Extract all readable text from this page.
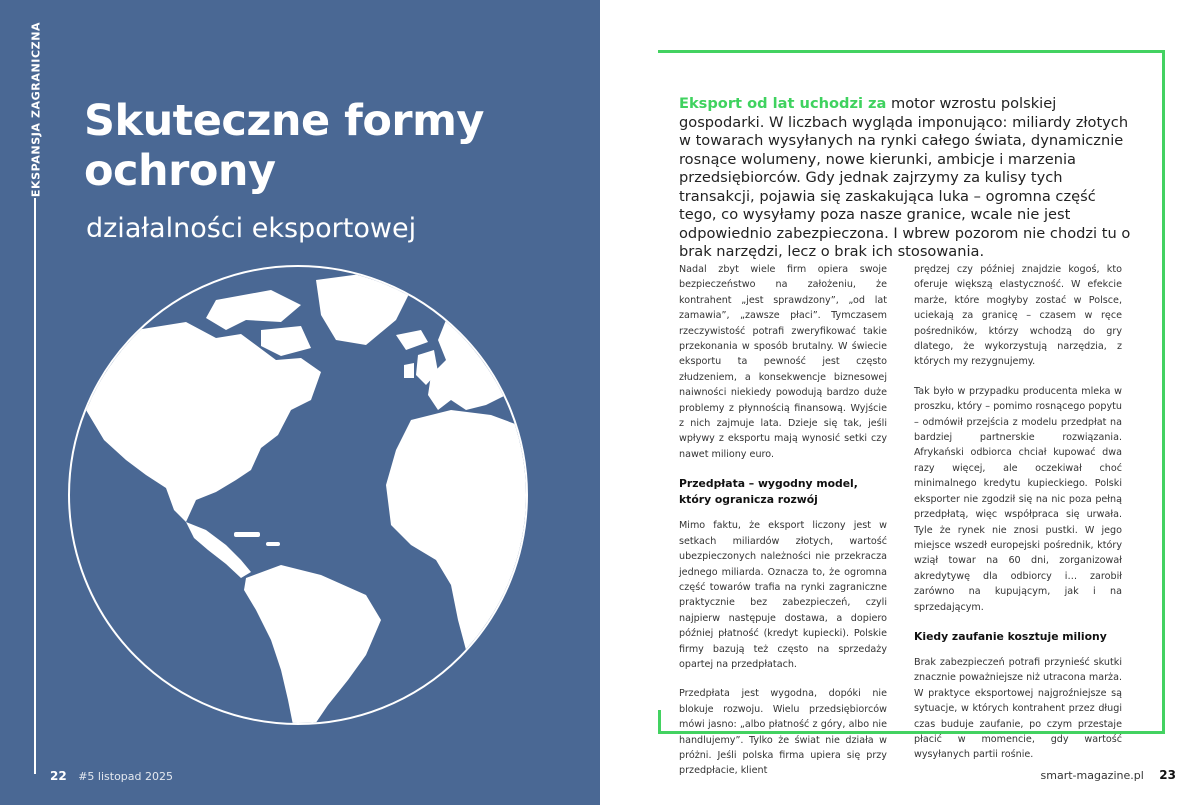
EKSPANSJA ZAGRANICZNA Skuteczne formy
ochrony
działalności eksportowej
22 #5 listopad 2025

Eksport od lat uchodzi za motor wzrostu polskiej gospodarki. W liczbach wygląda imponująco: miliardy złotych w towarach wysyłanych na rynki całego świata, dynamicznie rosnące wolumeny, nowe kierunki, ambicje i marzenia przedsiębiorców. Gdy jednak zajrzymy za kulisy tych transakcji, pojawia się zaskakująca luka – ogromna część tego, co wysyłamy poza nasze granice, wcale nie jest odpowiednio zabezpieczona. I wbrew pozorom nie chodzi tu o brak narzędzi, lecz o brak ich stosowania.

Nadal zbyt wiele firm opiera swoje bezpieczeństwo na założeniu, że kontrahent „jest sprawdzony”, „od lat zamawia”, „zawsze płaci”. Tymczasem rzeczywistość potrafi zweryfikować takie przekonania w sposób brutalny. W świecie eksportu ta pewność jest często złudzeniem, a konsekwencje biznesowej naiwności niekiedy powodują bardzo duże problemy z płynnością finansową. Wyjście z nich zajmuje lata. Dzieje się tak, jeśli wpływy z eksportu mają wynosić setki czy nawet miliony euro.

Przedpłata – wygodny model, który ogranicza rozwój

Mimo faktu, że eksport liczony jest w setkach miliardów złotych, wartość ubezpieczonych należności nie przekracza jednego miliarda. Oznacza to, że ogromna część towarów trafia na rynki zagraniczne praktycznie bez zabezpieczeń, czyli najpierw następuje dostawa, a dopiero później płatność (kredyt kupiecki). Polskie firmy bazują też często na sprzedaży opartej na przedpłatach.

Przedpłata jest wygodna, dopóki nie blokuje rozwoju. Wielu przedsiębiorców mówi jasno: „albo płatność z góry, albo nie handlujemy”. Tylko że świat nie działa w próżni. Jeśli polska firma upiera się przy przedpłacie, klient

prędzej czy później znajdzie kogoś, kto oferuje większą elastyczność. W efekcie marże, które mogłyby zostać w Polsce, uciekają za granicę – czasem w ręce pośredników, którzy wchodzą do gry dlatego, że wykorzystują narzędzia, z których my rezygnujemy.

Tak było w przypadku producenta mleka w proszku, który – pomimo rosnącego popytu – odmówił przejścia z modelu przedpłat na bardziej partnerskie rozwiązania. Afrykański odbiorca chciał kupować dwa razy więcej, ale oczekiwał choć minimalnego kredytu kupieckiego. Polski eksporter nie zgodził się na nic poza pełną przedpłatą, więc współpraca się urwała. Tyle że rynek nie znosi pustki. W jego miejsce wszedł europejski pośrednik, który wziął towar na 60 dni, zorganizował akredytywę dla odbiorcy i… zarobił zarówno na kupującym, jak i na sprzedającym.

Kiedy zaufanie kosztuje miliony

Brak zabezpieczeń potrafi przynieść skutki znacznie poważniejsze niż utracona marża. W praktyce eksportowej najgroźniejsze są sytuacje, w których kontrahent przez długi czas buduje zaufanie, po czym przestaje płacić w momencie, gdy wartość wysyłanych partii rośnie.

smart-magazine.pl 23
